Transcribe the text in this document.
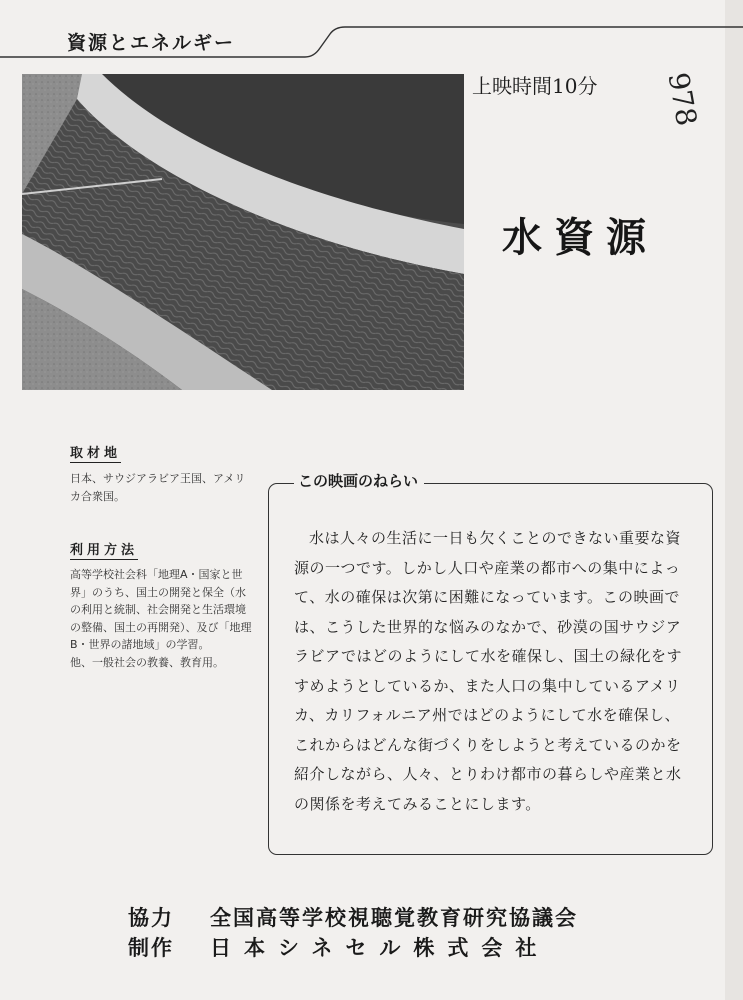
資源とエネルギー
978
上映時間10分
水資源
取材地
日本、サウジアラビア王国、アメリカ合衆国。
利用方法
高等学校社会科「地理A・国家と世界」のうち、国土の開発と保全（水の利用と統制、社会開発と生活環境の整備、国土の再開発）、及び「地理B・世界の諸地域」の学習。
他、一般社会の教養、教育用。
この映画のねらい
水は人々の生活に一日も欠くことのできない重要な資源の一つです。しかし人口や産業の都市への集中によって、水の確保は次第に困難になっています。この映画では、こうした世界的な悩みのなかで、砂漠の国サウジアラビアではどのようにして水を確保し、国土の緑化をすすめようとしているか、また人口の集中しているアメリカ、カリフォルニア州ではどのようにして水を確保し、これからはどんな街づくりをしようと考えているのかを紹介しながら、人々、とりわけ都市の暮らしや産業と水の関係を考えてみることにします。
協力 全国高等学校視聴覚教育研究協議会
制作 日本シネセル株式会社
